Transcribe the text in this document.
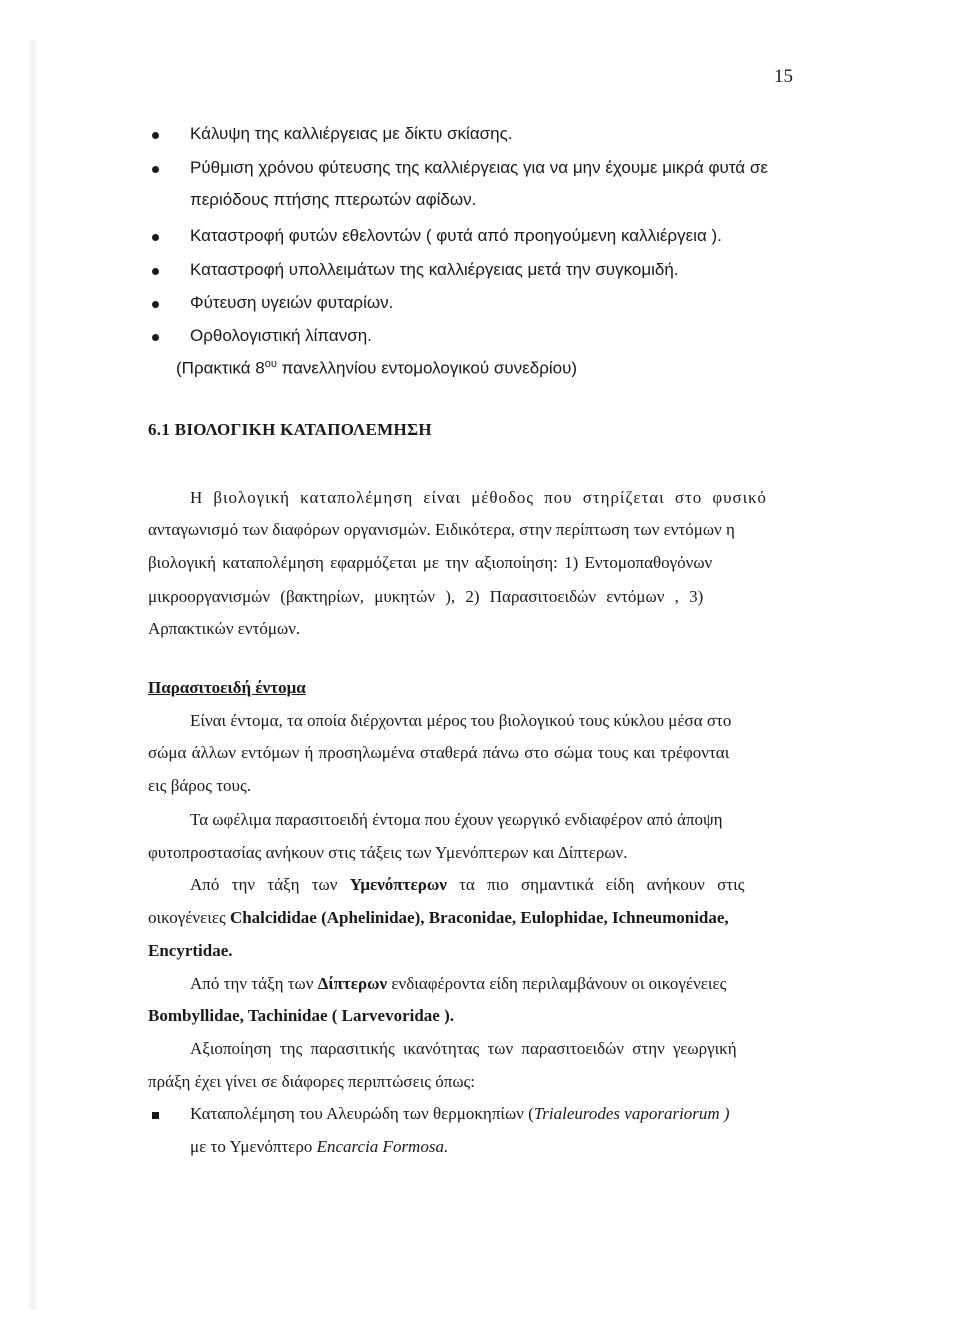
15
Κάλυψη της καλλιέργειας με δίκτυ σκίασης.
Ρύθμιση χρόνου φύτευσης της καλλιέργειας για να μην έχουμε μικρά φυτά σε
περιόδους πτήσης πτερωτών αφίδων.
Καταστροφή φυτών εθελοντών ( φυτά από προηγούμενη καλλιέργεια ).
Καταστροφή υπολλειμάτων της καλλιέργειας μετά την συγκομιδή.
Φύτευση υγειών φυταρίων.
Ορθολογιστική λίπανση.
(Πρακτικά $8^{o\upsilon}$ πανελληνίου εντομολογικού συνεδρίου)
6.1 ΒΙΟΛΟΓΙΚΗ ΚΑΤΑΠΟΛΕΜΗΣΗ
Η βιολογική καταπολέμηση είναι μέθοδος που στηρίζεται στο φυσικό
ανταγωνισμό των διαφόρων οργανισμών. Ειδικότερα, στην περίπτωση των εντόμων η
βιολογική καταπολέμηση εφαρμόζεται με την αξιοποίηση: 1) Εντομοπαθογόνων
μικροοργανισμών (βακτηρίων, μυκητών ), 2) Παρασιτοειδών εντόμων , 3)
Αρπακτικών εντόμων.
Παρασιτοειδή έντομα
Είναι έντομα, τα οποία διέρχονται μέρος του βιολογικού τους κύκλου μέσα στο
σώμα άλλων εντόμων ή προσηλωμένα σταθερά πάνω στο σώμα τους και τρέφονται
εις βάρος τους.
Τα ωφέλιμα παρασιτοειδή έντομα που έχουν γεωργικό ενδιαφέρον από άποψη
φυτοπροστασίας ανήκουν στις τάξεις των Υμενόπτερων και Δίπτερων.
Από την τάξη των Υμενόπτερων τα πιο σημαντικά είδη ανήκουν στις
οικογένειες Chalcididae (Aphelinidae), Braconidae, Eulophidae, Ichneumonidae,
Encyrtidae.
Από την τάξη των Δίπτερων ενδιαφέροντα είδη περιλαμβάνουν οι οικογένειες
Bombyllidae, Tachinidae ( Larvevoridae ).
Αξιοποίηση της παρασιτικής ικανότητας των παρασιτοειδών στην γεωργική
πράξη έχει γίνει σε διάφορες περιπτώσεις όπως:
Καταπολέμηση του Αλευρώδη των θερμοκηπίων (Trialeurodes vaporariorum )
με το Υμενόπτερο Encarcia Formosa.
